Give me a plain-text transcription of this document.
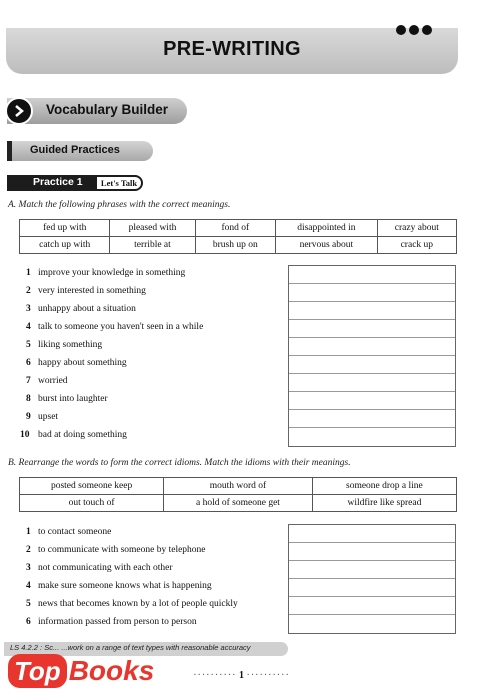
PRE-WRITING
Vocabulary Builder
Guided Practices
Practice 1	Let's Talk
A. Match the following phrases with the correct meanings.
fed up with	pleased with	fond of	disappointed in	crazy about
catch up with	terrible at	brush up on	nervous about	crack up
1 improve your knowledge in something
2 very interested in something
3 unhappy about a situation
4 talk to someone you haven't seen in a while
5 liking something
6 happy about something
7 worried
8 burst into laughter
9 upset
10 bad at doing something
B. Rearrange the words to form the correct idioms. Match the idioms with their meanings.
posted someone keep	mouth word of	someone drop a line
out touch of	a hold of someone get	wildfire like spread
1 to contact someone
2 to communicate with someone by telephone
3 not communicating with each other
4 make sure someone knows what is happening
5 news that becomes known by a lot of people quickly
6 information passed from person to person
LS 4.2.2 : Sc... ...work on a range of text types with reasonable accuracy
·········· 1 ··········
Top Books
